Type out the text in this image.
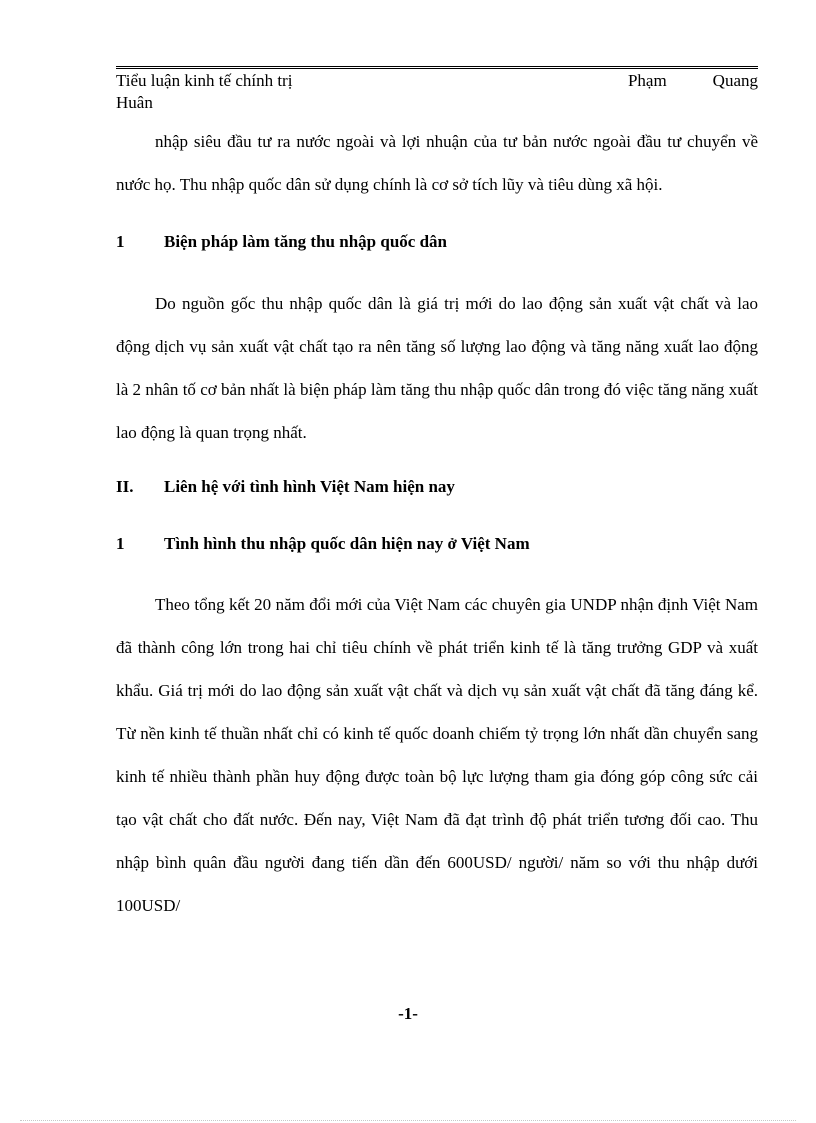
Tiểu luận kinh tế chính trị	Phạm	Quang
Huân

nhập siêu đầu tư ra nước ngoài và lợi nhuận của tư bản nước ngoài đầu tư chuyển về nước họ. Thu nhập quốc dân sử dụng chính là cơ sở tích lũy và tiêu dùng xã hội.

1	Biện pháp làm tăng thu nhập quốc dân

Do nguồn gốc thu nhập quốc dân là giá trị mới do lao động sản xuất vật chất và lao động dịch vụ sản xuất vật chất tạo ra nên tăng số lượng lao động và tăng năng xuất lao động là 2 nhân tố cơ bản nhất là biện pháp làm tăng thu nhập quốc dân trong đó việc tăng năng xuất lao động là quan trọng nhất.

II.	Liên hệ với tình hình Việt Nam hiện nay
1	Tình hình thu nhập quốc dân hiện nay ở Việt Nam

Theo tổng kết 20 năm đổi mới của Việt Nam các chuyên gia UNDP nhận định Việt Nam đã thành công lớn trong hai chỉ tiêu chính về phát triển kinh tế là tăng trưởng GDP và xuất khẩu. Giá trị mới do lao động sản xuất vật chất và dịch vụ sản xuất vật chất đã tăng đáng kể. Từ nền kinh tế thuần nhất chỉ có kinh tế quốc doanh chiếm tỷ trọng lớn nhất dần chuyển sang kinh tế nhiều thành phần huy động được toàn bộ lực lượng tham gia đóng góp công sức cải tạo vật chất cho đất nước. Đến nay, Việt Nam đã đạt trình độ phát triển tương đối cao. Thu nhập bình quân đầu người đang tiến dần đến 600USD/ người/ năm so với thu nhập dưới 100USD/

-1-
